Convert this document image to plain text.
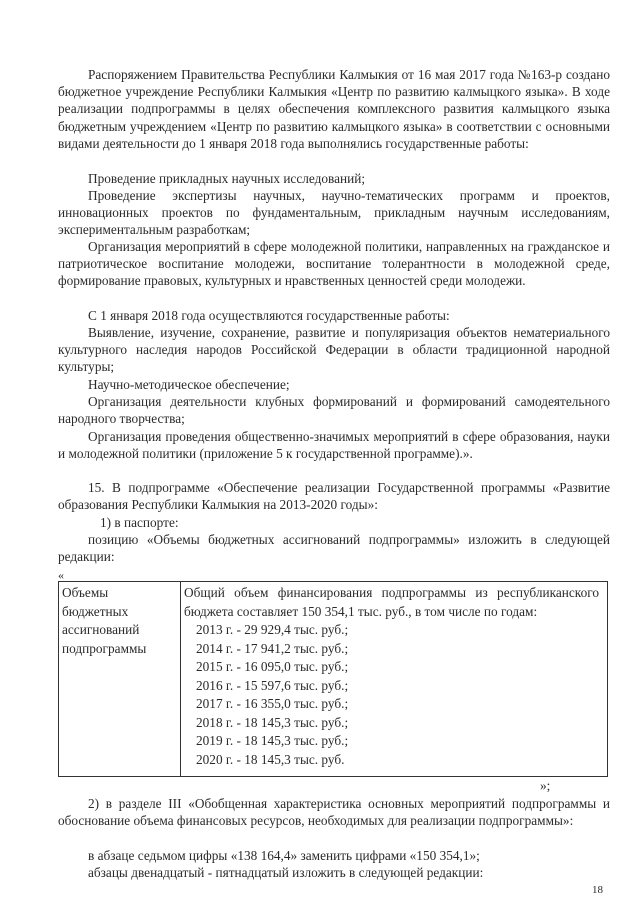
Распоряжением Правительства Республики Калмыкия от 16 мая 2017 года №163-р создано бюджетное учреждение Республики Калмыкия «Центр по развитию калмыцкого языка». В ходе реализации подпрограммы в целях обеспечения комплексного развития калмыцкого языка бюджетным учреждением «Центр по развитию калмыцкого языка» в соответствии с основными видами деятельности до 1 января 2018 года выполнялись государственные работы:

Проведение прикладных научных исследований;

Проведение экспертизы научных, научно-тематических программ и проектов, инновационных проектов по фундаментальным, прикладным научным исследованиям, экспериментальным разработкам;

Организация мероприятий в сфере молодежной политики, направленных на гражданское и патриотическое воспитание молодежи, воспитание толерантности в молодежной среде, формирование правовых, культурных и нравственных ценностей среди молодежи.

С 1 января 2018 года осуществляются государственные работы:

Выявление, изучение, сохранение, развитие и популяризация объектов нематериального культурного наследия народов Российской Федерации в области традиционной народной культуры;

Научно-методическое обеспечение;

Организация деятельности клубных формирований и формирований самодеятельного народного творчества;

Организация проведения общественно-значимых мероприятий в сфере образования, науки и молодежной политики (приложение 5 к государственной программе).».

15. В подпрограмме «Обеспечение реализации Государственной программы «Развитие образования Республики Калмыкия на 2013-2020 годы»:

1) в паспорте:

позицию «Объемы бюджетных ассигнований подпрограммы» изложить в следующей редакции:

«
Объемы бюджетных ассигнований подпрограммы	Общий объем финансирования подпрограммы из республиканского бюджета составляет 150 354,1 тыс. руб., в том числе по годам:
2013 г. - 29 929,4 тыс. руб.;
2014 г. - 17 941,2 тыс. руб.;
2015 г. - 16 095,0 тыс. руб.;
2016 г. - 15 597,6 тыс. руб.;
2017 г. - 16 355,0 тыс. руб.;
2018 г. - 18 145,3 тыс. руб.;
2019 г. - 18 145,3 тыс. руб.;
2020 г. - 18 145,3 тыс. руб.
»;

2) в разделе III «Обобщенная характеристика основных мероприятий подпрограммы и обоснование объема финансовых ресурсов, необходимых для реализации подпрограммы»:

в абзаце седьмом цифры «138 164,4» заменить цифрами «150 354,1»;

абзацы двенадцатый - пятнадцатый изложить в следующей редакции:

18
